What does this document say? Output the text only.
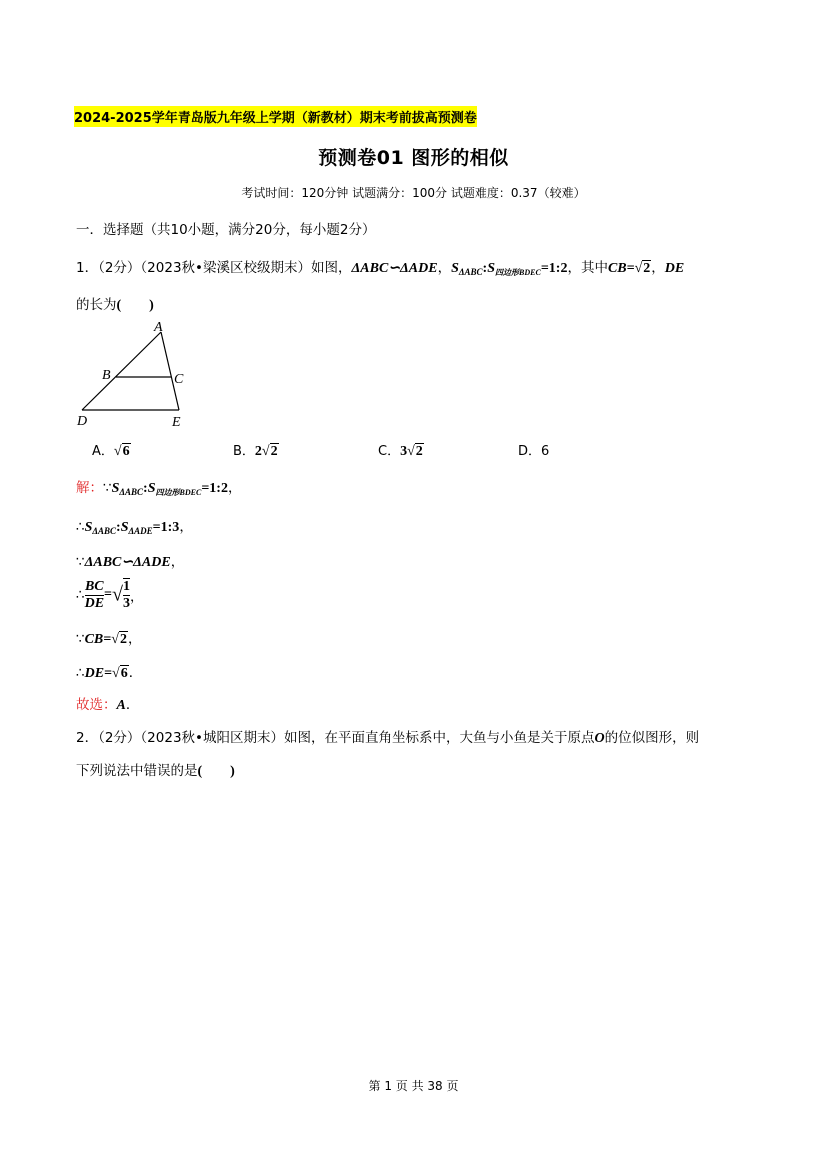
2024-2025学年青岛版九年级上学期（新教材）期末考前拔高预测卷
预测卷01 图形的相似
考试时间：120分钟 试题满分：100分 试题难度：0.37（较难）
一．选择题（共10小题，满分20分，每小题2分）
1．（2分）（2023秋•梁溪区校级期末）如图，ΔABC∽ΔADE，$S_{\Delta ABC}:S_{四边形BDEC}=1:2$，其中CB=√2，DE
的长为(　　)
A
B	C
D	E
A．√6	B．2√2	C．3√2	D．6
解：$\because S_{\Delta ABC}:S_{四边形BDEC}=1:2$，
$\therefore S_{\Delta ABC}:S_{\Delta ADE}=1:3$，
∵ΔABC∽ΔADE，
∴ $\frac{BC}{DE}$ =√ $\frac{1}{3}$ ，
∵CB=√2，
∴DE=√6．
故选：A．
2．（2分）（2023秋•城阳区期末）如图，在平面直角坐标系中，大鱼与小鱼是关于原点O的位似图形，则
下列说法中错误的是(　　)
第 1 页 共 38 页
